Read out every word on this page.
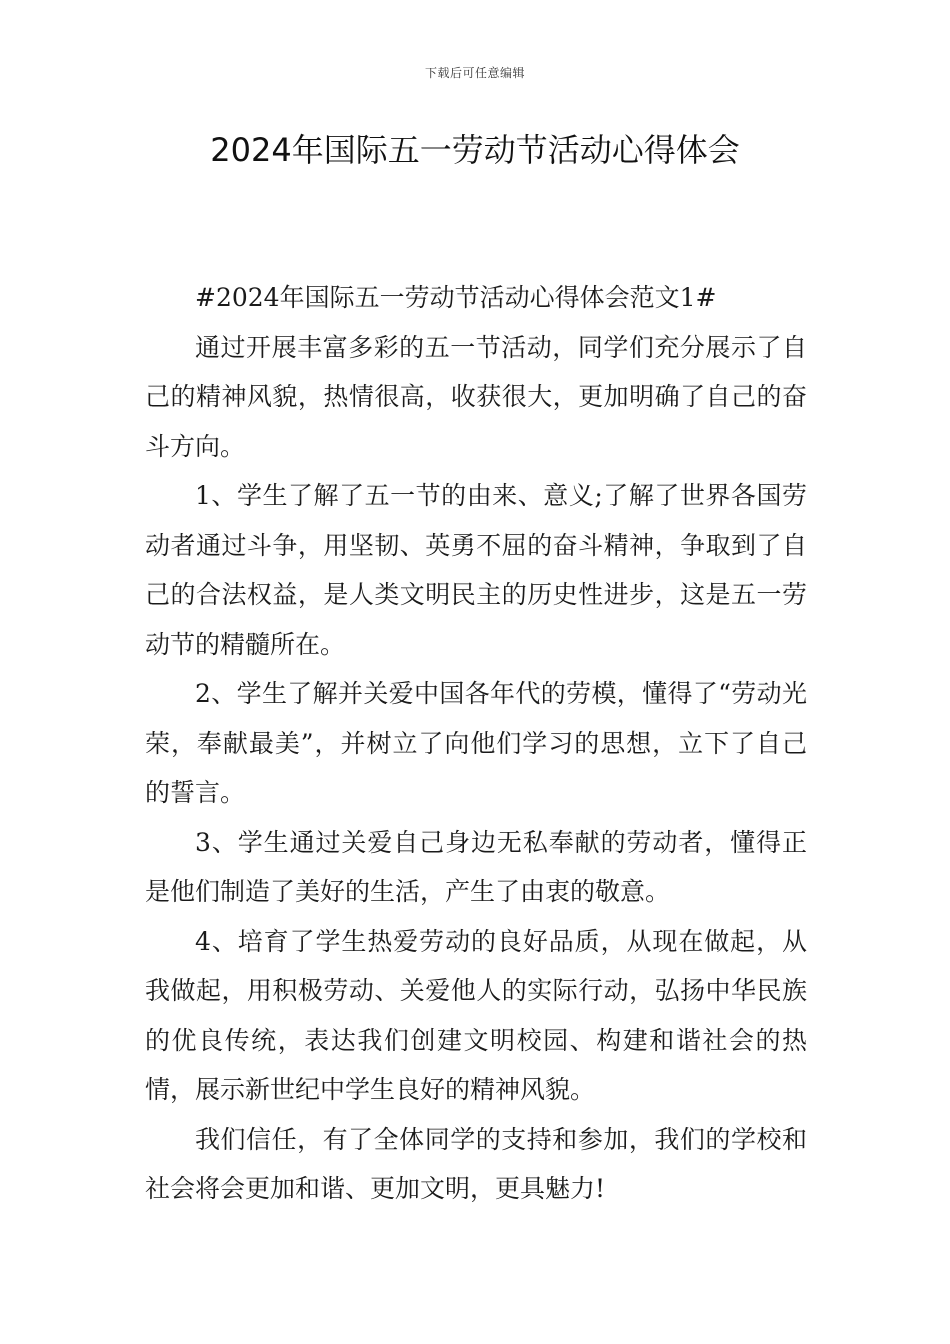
下载后可任意编辑
2024年国际五一劳动节活动心得体会

#2024年国际五一劳动节活动心得体会范文1#

通过开展丰富多彩的五一节活动，同学们充分展示了自己的精神风貌，热情很高，收获很大，更加明确了自己的奋斗方向。

1、学生了解了五一节的由来、意义;了解了世界各国劳动者通过斗争，用坚韧、英勇不屈的奋斗精神，争取到了自己的合法权益，是人类文明民主的历史性进步，这是五一劳动节的精髓所在。

2、学生了解并关爱中国各年代的劳模，懂得了“劳动光荣，奉献最美”，并树立了向他们学习的思想，立下了自己的誓言。

3、学生通过关爱自己身边无私奉献的劳动者，懂得正是他们制造了美好的生活，产生了由衷的敬意。

4、培育了学生热爱劳动的良好品质，从现在做起，从我做起，用积极劳动、关爱他人的实际行动，弘扬中华民族的优良传统，表达我们创建文明校园、构建和谐社会的热情，展示新世纪中学生良好的精神风貌。

我们信任，有了全体同学的支持和参加，我们的学校和社会将会更加和谐、更加文明，更具魅力!
